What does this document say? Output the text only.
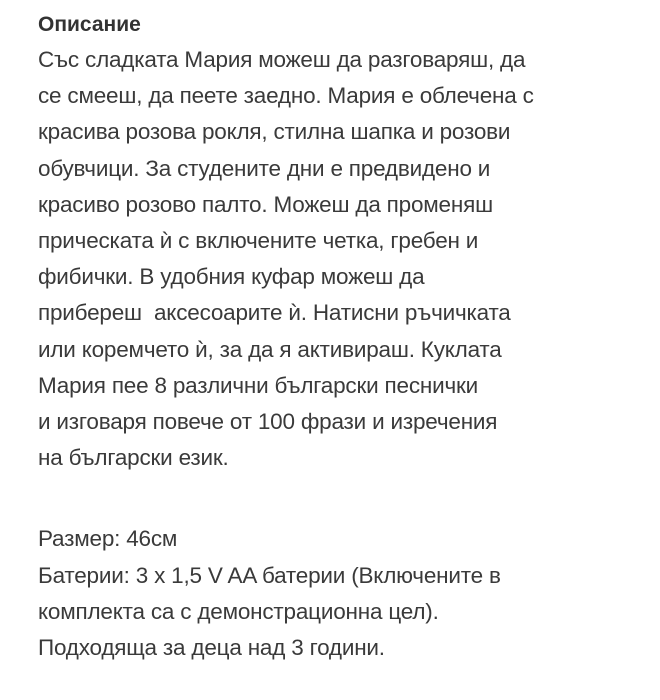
Описание
Със сладката Мария можеш да разговаряш, да
се смееш, да пеете заедно. Мария е облечена с
красива розова рокля, стилна шапка и розови
обувчици. За студените дни е предвидено и
красиво розово палто. Можеш да променяш
прическата ѝ с включените четка, гребен и
фибички. В удобния куфар можеш да
прибереш  аксесоарите ѝ. Натисни ръчичката
или коремчето ѝ, за да я активираш. Куклата
Мария пее 8 различни български песнички
и изговаря повече от 100 фрази и изречения
на български език.
Размер: 46см
Батерии: 3 x 1,5 V AA батерии (Включените в
комплекта са с демонстрационна цел).
Подходяща за деца над 3 години.
